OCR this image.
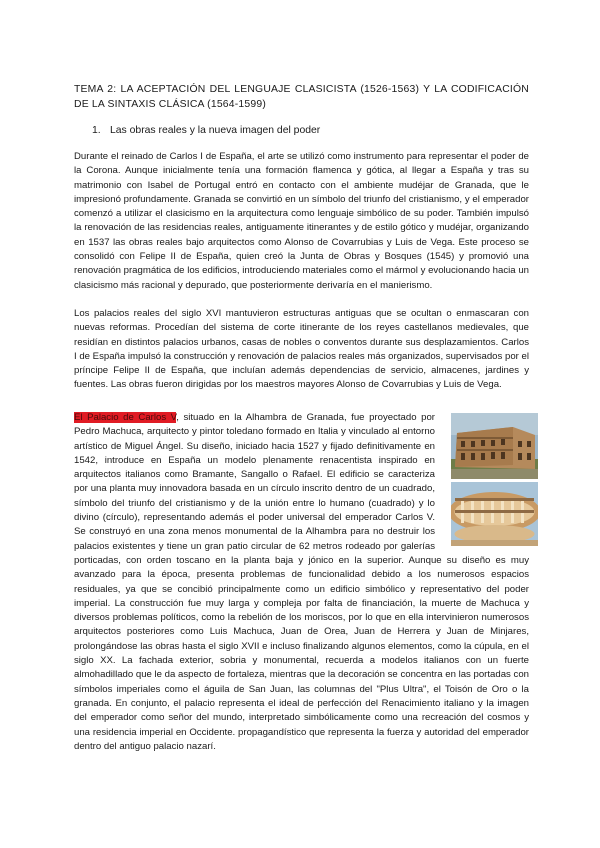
TEMA 2: LA ACEPTACIÓN DEL LENGUAJE CLASICISTA (1526-1563) Y LA CODIFICACIÓN DE LA SINTAXIS CLÁSICA (1564-1599)
1. Las obras reales y la nueva imagen del poder

Durante el reinado de Carlos I de España, el arte se utilizó como instrumento para representar el poder de la Corona. Aunque inicialmente tenía una formación flamenca y gótica, al llegar a España y tras su matrimonio con Isabel de Portugal entró en contacto con el ambiente mudéjar de Granada, que le impresionó profundamente. Granada se convirtió en un símbolo del triunfo del cristianismo, y el emperador comenzó a utilizar el clasicismo en la arquitectura como lenguaje simbólico de su poder. También impulsó la renovación de las residencias reales, antiguamente itinerantes y de estilo gótico y mudéjar, organizando en 1537 las obras reales bajo arquitectos como Alonso de Covarrubias y Luis de Vega. Este proceso se consolidó con Felipe II de España, quien creó la Junta de Obras y Bosques (1545) y promovió una renovación pragmática de los edificios, introduciendo materiales como el mármol y evolucionando hacia un clasicismo más racional y depurado, que posteriormente derivaría en el manierismo.

Los palacios reales del siglo XVI mantuvieron estructuras antiguas que se ocultan o enmascaran con nuevas reformas. Procedían del sistema de corte itinerante de los reyes castellanos medievales, que residían en distintos palacios urbanos, casas de nobles o conventos durante sus desplazamientos. Carlos I de España impulsó la construcción y renovación de palacios reales más organizados, supervisados por el príncipe Felipe II de España, que incluían además dependencias de servicio, almacenes, jardines y fuentes. Las obras fueron dirigidas por los maestros mayores Alonso de Covarrubias y Luis de Vega.

El Palacio de Carlos V, situado en la Alhambra de Granada, fue proyectado por Pedro Machuca, arquitecto y pintor toledano formado en Italia y vinculado al entorno artístico de Miguel Ángel. Su diseño, iniciado hacia 1527 y fijado definitivamente en 1542, introduce en España un modelo plenamente renacentista inspirado en arquitectos italianos como Bramante, Sangallo o Rafael. El edificio se caracteriza por una planta muy innovadora basada en un círculo inscrito dentro de un cuadrado, símbolo del triunfo del cristianismo y de la unión entre lo humano (cuadrado) y lo divino (círculo), representando además el poder universal del emperador Carlos V. Se construyó en una zona menos monumental de la Alhambra para no destruir los palacios existentes y tiene un gran patio circular de 62 metros rodeado por galerías porticadas, con orden toscano en la planta baja y jónico en la superior. Aunque su diseño es muy avanzado para la época, presenta problemas de funcionalidad debido a los numerosos espacios residuales, ya que se concibió principalmente como un edificio simbólico y representativo del poder imperial. La construcción fue muy larga y compleja por falta de financiación, la muerte de Machuca y diversos problemas políticos, como la rebelión de los moriscos, por lo que en ella intervinieron numerosos arquitectos posteriores como Luis Machuca, Juan de Orea, Juan de Herrera y Juan de Minjares, prolongándose las obras hasta el siglo XVII e incluso finalizando algunos elementos, como la cúpula, en el siglo XX. La fachada exterior, sobria y monumental, recuerda a modelos italianos con un fuerte almohadillado que le da aspecto de fortaleza, mientras que la decoración se concentra en las portadas con símbolos imperiales como el águila de San Juan, las columnas del "Plus Ultra", el Toisón de Oro o la granada. En conjunto, el palacio representa el ideal de perfección del Renacimiento italiano y la imagen del emperador como señor del mundo, interpretado simbólicamente como una recreación del cosmos y una residencia imperial en Occidente. propagandístico que representa la fuerza y autoridad del emperador dentro del antiguo palacio nazarí.
